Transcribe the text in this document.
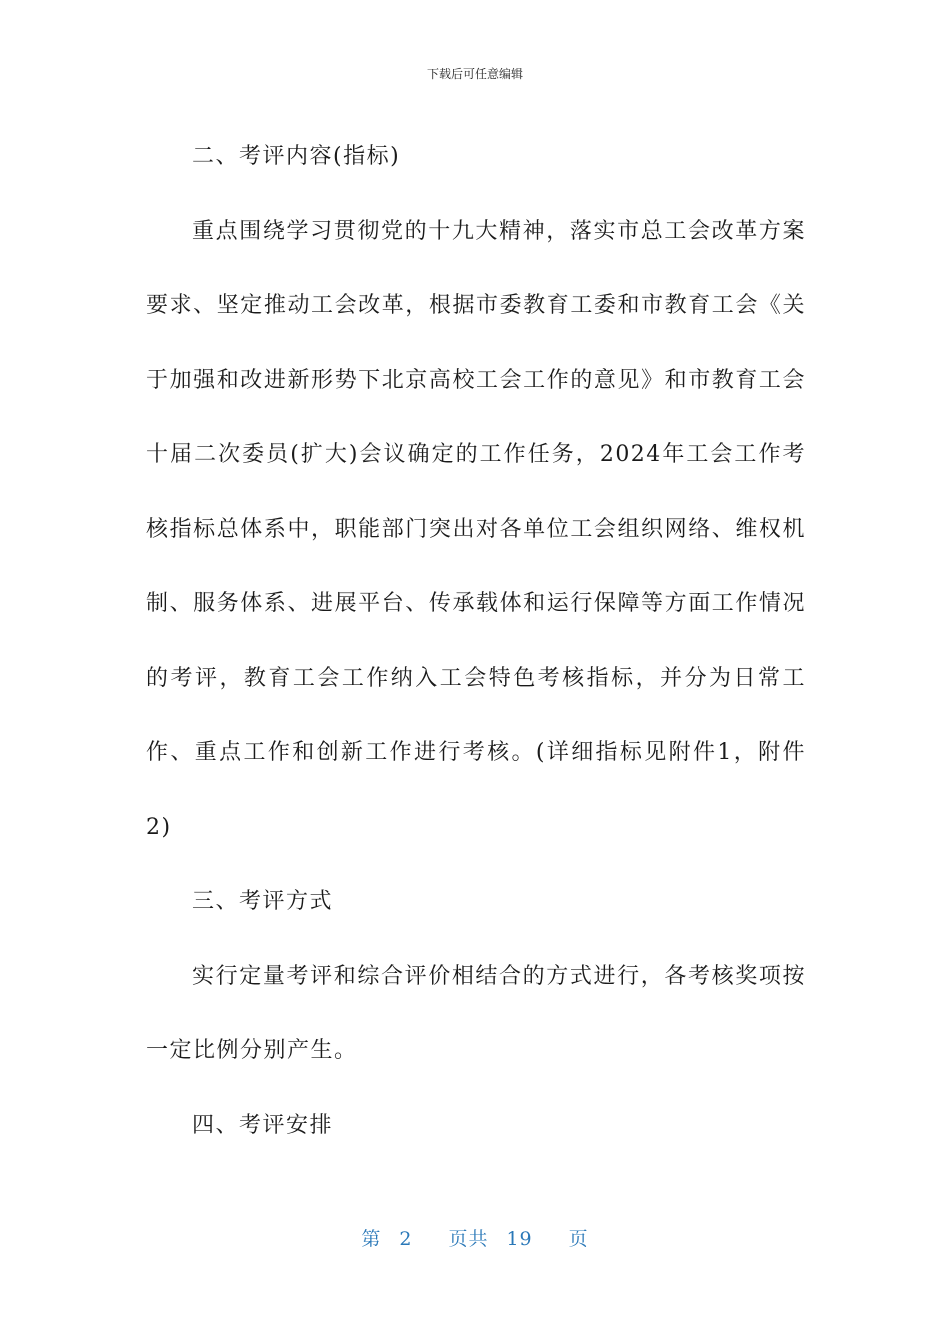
下载后可任意编辑

二、考评内容(指标)

重点围绕学习贯彻党的十九大精神，落实市总工会改革方案要求、坚定推动工会改革，根据市委教育工委和市教育工会《关于加强和改进新形势下北京高校工会工作的意见》和市教育工会十届二次委员(扩大)会议确定的工作任务，2024年工会工作考核指标总体系中，职能部门突出对各单位工会组织网络、维权机制、服务体系、进展平台、传承载体和运行保障等方面工作情况的考评，教育工会工作纳入工会特色考核指标，并分为日常工作、重点工作和创新工作进行考核。(详细指标见附件1，附件2)

三、考评方式

实行定量考评和综合评价相结合的方式进行，各考核奖项按一定比例分别产生。

四、考评安排

第 2 页共 19 页
